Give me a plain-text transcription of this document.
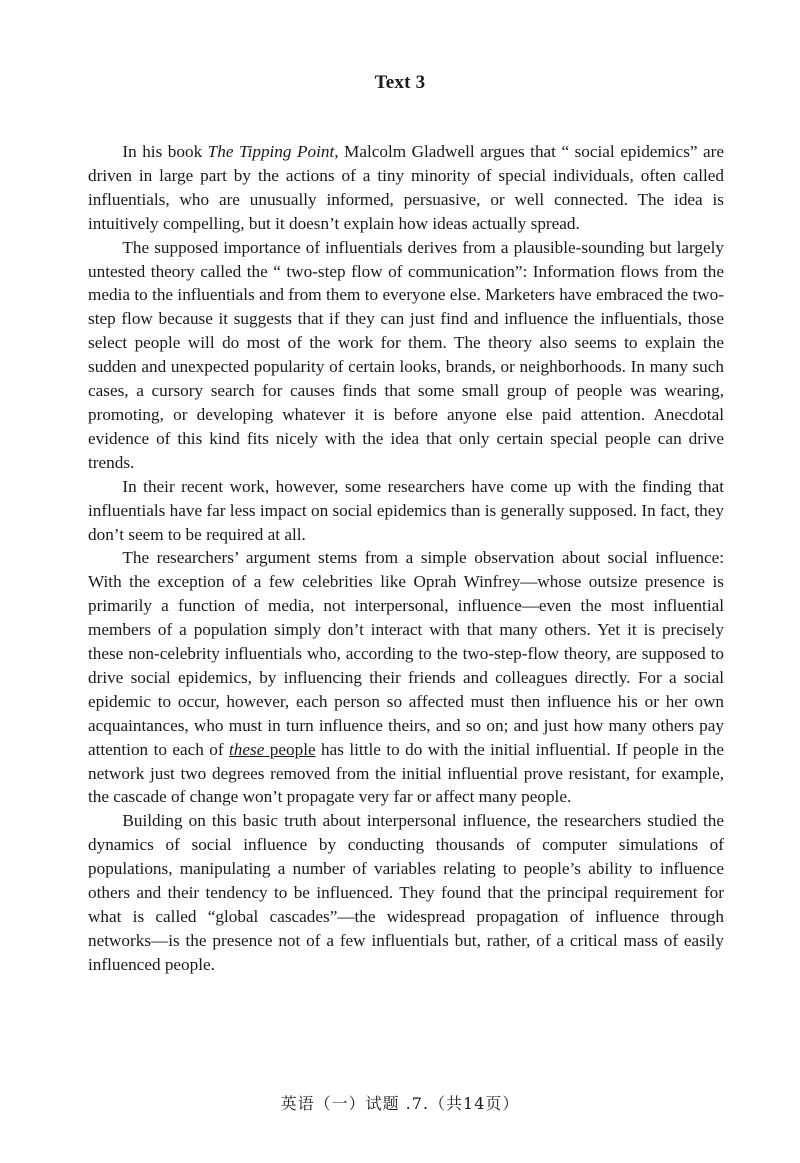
Text 3

In his book The Tipping Point, Malcolm Gladwell argues that “ social epidemics” are driven in large part by the actions of a tiny minority of special individuals, often called influentials, who are unusually informed, persuasive, or well connected. The idea is intuitively compelling, but it doesn’t explain how ideas actually spread.

The supposed importance of influentials derives from a plausible-sounding but largely untested theory called the “ two-step flow of communication”: Information flows from the media to the influentials and from them to everyone else. Marketers have embraced the two-step flow because it suggests that if they can just find and influence the influentials, those select people will do most of the work for them. The theory also seems to explain the sudden and unexpected popularity of certain looks, brands, or neighborhoods. In many such cases, a cursory search for causes finds that some small group of people was wearing, promoting, or developing whatever it is before anyone else paid attention. Anecdotal evidence of this kind fits nicely with the idea that only certain special people can drive trends.

In their recent work, however, some researchers have come up with the finding that influentials have far less impact on social epidemics than is generally supposed. In fact, they don’t seem to be required at all.

The researchers’ argument stems from a simple observation about social influence: With the exception of a few celebrities like Oprah Winfrey—whose outsize presence is primarily a function of media, not interpersonal, influence—even the most influential members of a population simply don’t interact with that many others. Yet it is precisely these non-celebrity influentials who, according to the two-step-flow theory, are supposed to drive social epidemics, by influencing their friends and colleagues directly. For a social epidemic to occur, however, each person so affected must then influence his or her own acquaintances, who must in turn influence theirs, and so on; and just how many others pay attention to each of these people has little to do with the initial influential. If people in the network just two degrees removed from the initial influential prove resistant, for example, the cascade of change won’t propagate very far or affect many people.

Building on this basic truth about interpersonal influence, the researchers studied the dynamics of social influence by conducting thousands of computer simulations of populations, manipulating a number of variables relating to people’s ability to influence others and their tendency to be influenced. They found that the principal requirement for what is called “global cascades”—the widespread propagation of influence through networks—is the presence not of a few influentials but, rather, of a critical mass of easily influenced people.

英语（一）试题 .7.（共14页）
